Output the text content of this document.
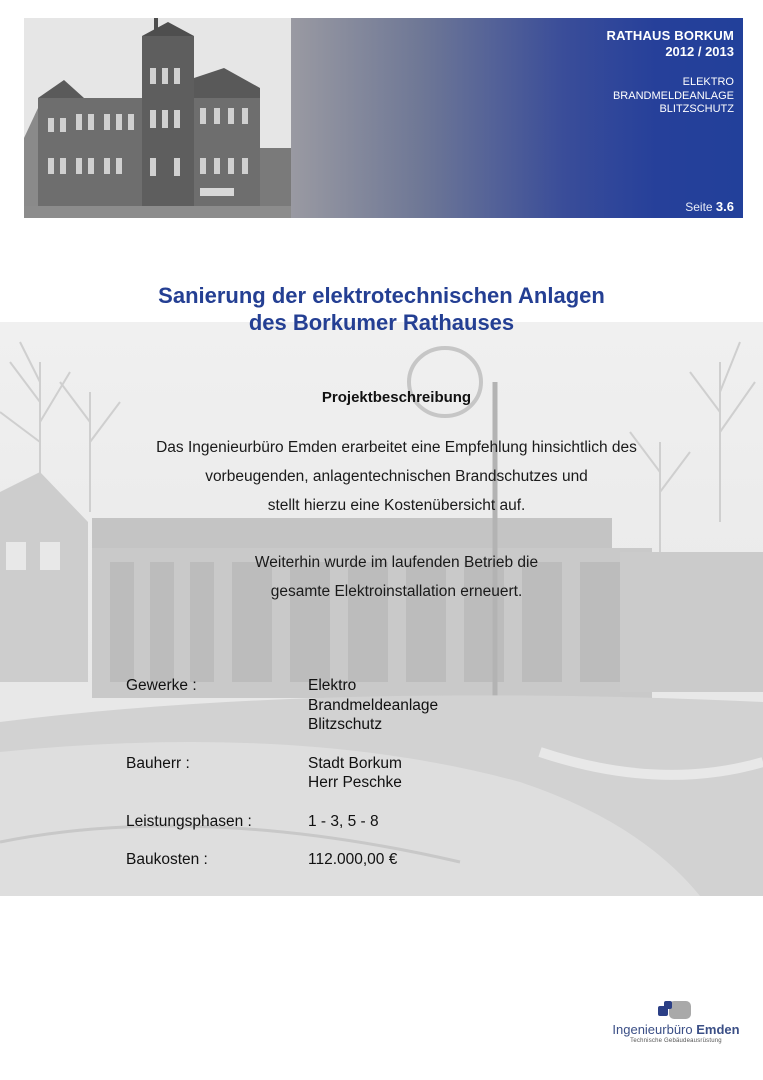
RATHAUS BORKUM
2012 / 2013
ELEKTRO
BRANDMELDEANLAGE
BLITZSCHUTZ
Seite 3.6
Sanierung der elektrotechnischen Anlagen
des Borkumer Rathauses
Projektbeschreibung
Das Ingenieurbüro Emden erarbeitet eine Empfehlung hinsichtlich des
vorbeugenden, anlagentechnischen Brandschutzes und
stellt hierzu eine Kostenübersicht auf.
Weiterhin wurde im laufenden Betrieb die
gesamte Elektroinstallation erneuert.
Gewerke :	Elektro
Brandmeldeanlage
Blitzschutz
Bauherr :	Stadt Borkum
Herr Peschke
Leistungsphasen :	1 - 3, 5 - 8
Baukosten :	112.000,00 €
Ingenieurbüro Emden
Technische Gebäudeausrüstung
